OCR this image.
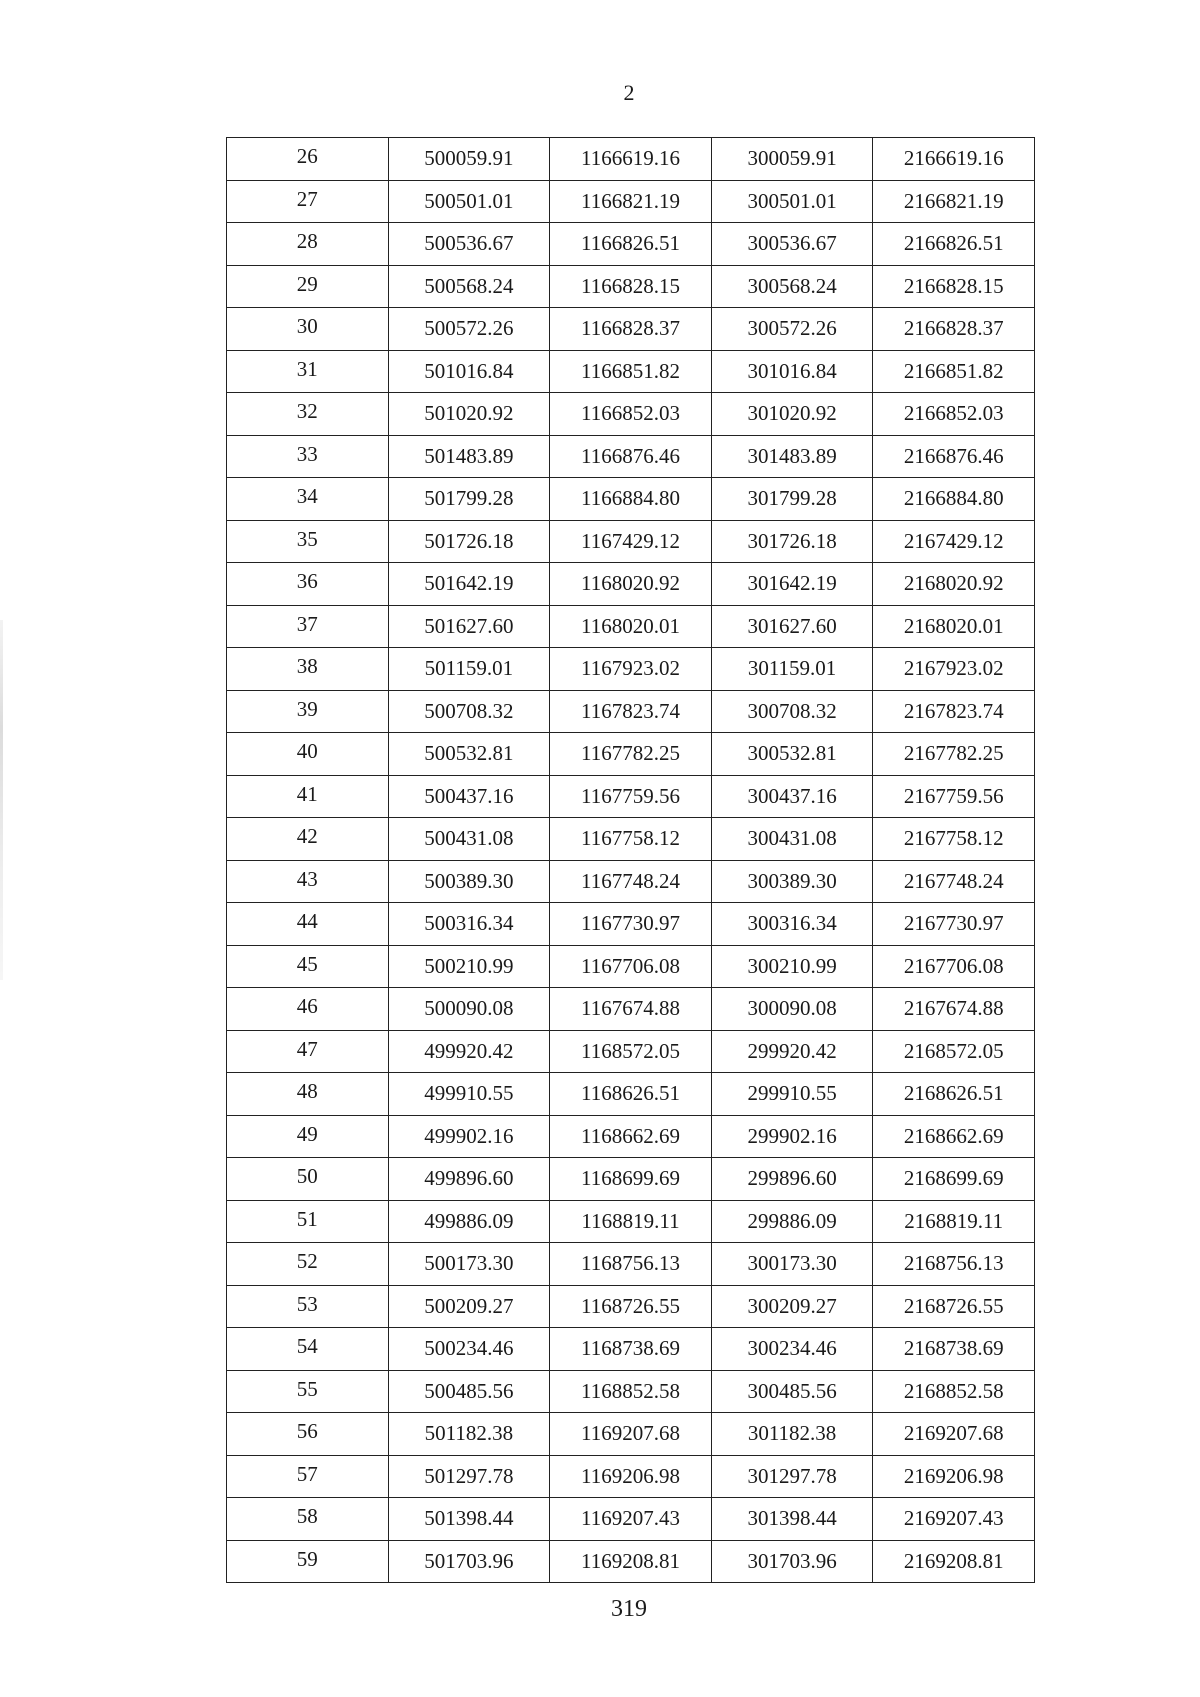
2
26	500059.91	1166619.16	300059.91	2166619.16
27	500501.01	1166821.19	300501.01	2166821.19
28	500536.67	1166826.51	300536.67	2166826.51
29	500568.24	1166828.15	300568.24	2166828.15
30	500572.26	1166828.37	300572.26	2166828.37
31	501016.84	1166851.82	301016.84	2166851.82
32	501020.92	1166852.03	301020.92	2166852.03
33	501483.89	1166876.46	301483.89	2166876.46
34	501799.28	1166884.80	301799.28	2166884.80
35	501726.18	1167429.12	301726.18	2167429.12
36	501642.19	1168020.92	301642.19	2168020.92
37	501627.60	1168020.01	301627.60	2168020.01
38	501159.01	1167923.02	301159.01	2167923.02
39	500708.32	1167823.74	300708.32	2167823.74
40	500532.81	1167782.25	300532.81	2167782.25
41	500437.16	1167759.56	300437.16	2167759.56
42	500431.08	1167758.12	300431.08	2167758.12
43	500389.30	1167748.24	300389.30	2167748.24
44	500316.34	1167730.97	300316.34	2167730.97
45	500210.99	1167706.08	300210.99	2167706.08
46	500090.08	1167674.88	300090.08	2167674.88
47	499920.42	1168572.05	299920.42	2168572.05
48	499910.55	1168626.51	299910.55	2168626.51
49	499902.16	1168662.69	299902.16	2168662.69
50	499896.60	1168699.69	299896.60	2168699.69
51	499886.09	1168819.11	299886.09	2168819.11
52	500173.30	1168756.13	300173.30	2168756.13
53	500209.27	1168726.55	300209.27	2168726.55
54	500234.46	1168738.69	300234.46	2168738.69
55	500485.56	1168852.58	300485.56	2168852.58
56	501182.38	1169207.68	301182.38	2169207.68
57	501297.78	1169206.98	301297.78	2169206.98
58	501398.44	1169207.43	301398.44	2169207.43
59	501703.96	1169208.81	301703.96	2169208.81
319
